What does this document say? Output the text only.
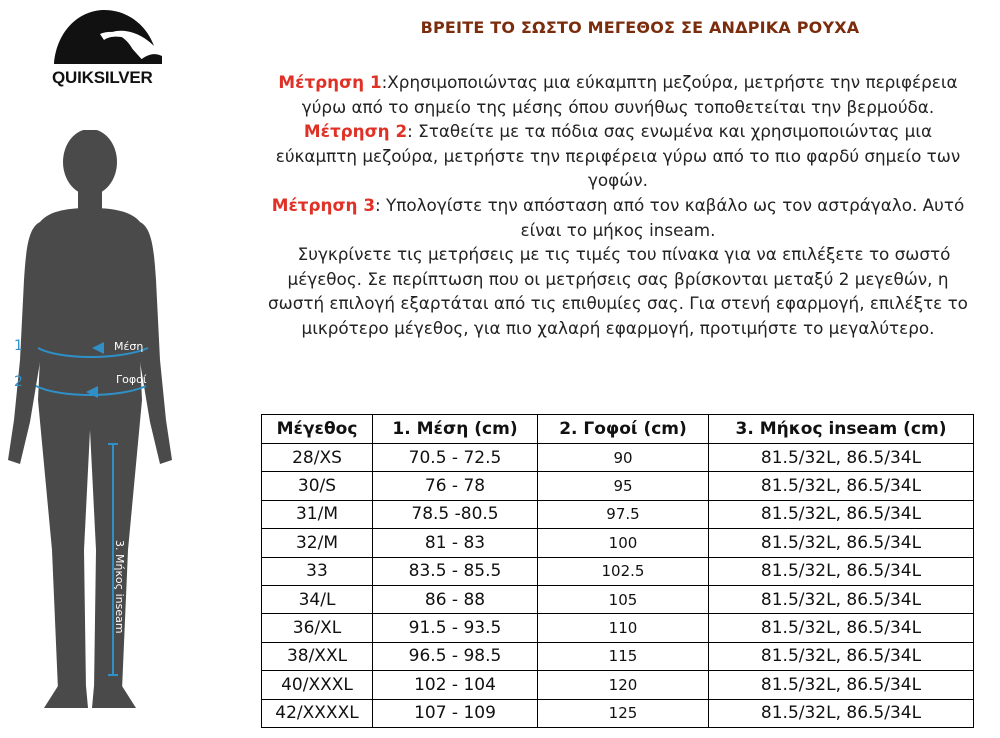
QUIKSILVER
1
2
Μέση
Γοφοί
3. Μήκος inseam
ΒΡΕΙΤΕ ΤΟ ΣΩΣΤΟ ΜΕΓΕΘΟΣ ΣΕ ΑΝΔΡΙΚΑ ΡΟΥΧΑ

Μέτρηση 1:Χρησιμοποιώντας μια εύκαμπτη μεζούρα, μετρήστε την περιφέρεια γύρω από το σημείο της μέσης όπου συνήθως τοποθετείται την βερμούδα.

Μέτρηση 2: Σταθείτε με τα πόδια σας ενωμένα και χρησιμοποιώντας μια εύκαμπτη μεζούρα, μετρήστε την περιφέρεια γύρω από το πιο φαρδύ σημείο των γοφών.

Μέτρηση 3: Υπολογίστε την απόσταση από τον καβάλο ως τον αστράγαλο. Αυτό είναι το μήκος inseam.

Συγκρίνετε τις μετρήσεις με τις τιμές του πίνακα για να επιλέξετε το σωστό μέγεθος. Σε περίπτωση που οι μετρήσεις σας βρίσκονται μεταξύ 2 μεγεθών, η σωστή επιλογή εξαρτάται από τις επιθυμίες σας. Για στενή εφαρμογή, επιλέξτε το μικρότερο μέγεθος, για πιο χαλαρή εφαρμογή, προτιμήστε το μεγαλύτερο.

Μέγεθος	1. Μέση (cm)	2. Γοφοί (cm)	3. Μήκος inseam (cm)
28/XS	70.5 - 72.5	90	81.5/32L, 86.5/34L
30/S	76 - 78	95	81.5/32L, 86.5/34L
31/M	78.5 -80.5	97.5	81.5/32L, 86.5/34L
32/M	81 - 83	100	81.5/32L, 86.5/34L
33	83.5 - 85.5	102.5	81.5/32L, 86.5/34L
34/L	86 - 88	105	81.5/32L, 86.5/34L
36/XL	91.5 - 93.5	110	81.5/32L, 86.5/34L
38/XXL	96.5 - 98.5	115	81.5/32L, 86.5/34L
40/XXXL	102 - 104	120	81.5/32L, 86.5/34L
42/XXXXL	107 - 109	125	81.5/32L, 86.5/34L
